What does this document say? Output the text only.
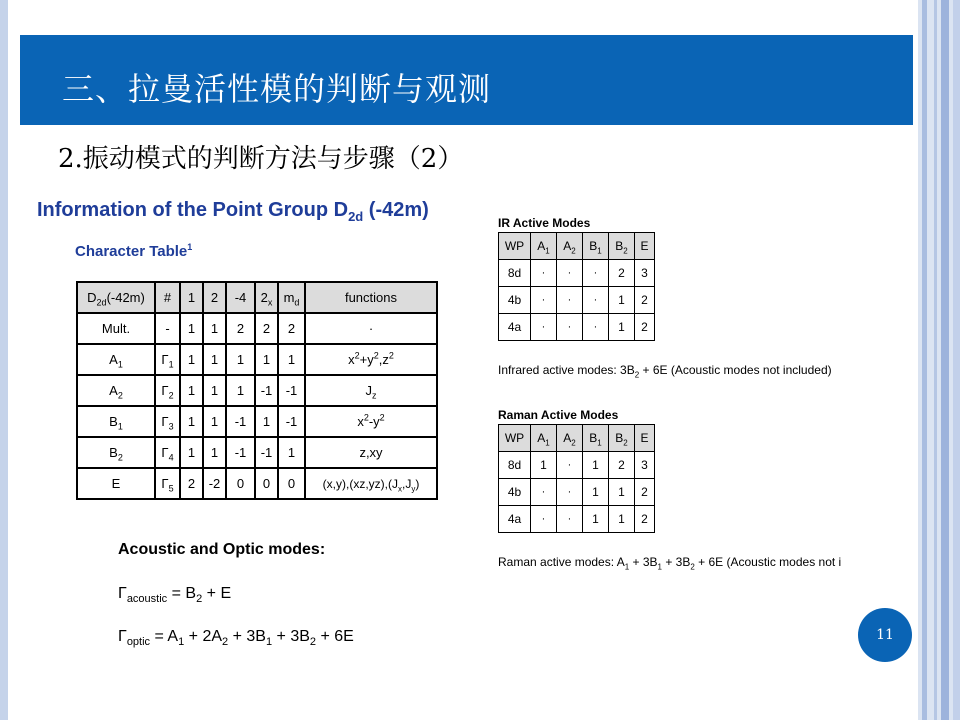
三、拉曼活性模的判断与观测
2.振动模式的判断方法与步骤（2）
Information of the Point Group $D_{2d}$ (-42m)
Character Table$^1$
$D_{2d}(-42m)$	#	1	2	-4	$2_x$	$m_d$	functions
Mult.	-	1	1	2	2	2	·
$A_1$	$\Gamma_1$	1	1	1	1	1	$x^2+y^2,z^2$
$A_2$	$\Gamma_2$	1	1	1	-1	-1	$J_z$
$B_1$	$\Gamma_3$	1	1	-1	1	-1	$x^2-y^2$
$B_2$	$\Gamma_4$	1	1	-1	-1	1	z,xy
E	$\Gamma_5$	2	-2	0	0	0	$(x,y),(xz,yz),(J_x,J_y)$
IR Active Modes
WP	$A_1$	$A_2$	$B_1$	$B_2$	E
8d	·	·	·	2	3
4b	·	·	·	1	2
4a	·	·	·	1	2
Infrared active modes: $3B_2 + 6E$ (Acoustic modes not included)
Raman Active Modes
WP	$A_1$	$A_2$	$B_1$	$B_2$	E
8d	1	·	1	2	3
4b	·	·	1	1	2
4a	·	·	1	1	2
Raman active modes: $A_1 + 3B_1 + 3B_2 + 6E$ (Acoustic modes not i
Acoustic and Optic modes:
$\Gamma_{acoustic} = B_2 + E$
$\Gamma_{optic} = A_1 + 2A_2 + 3B_1 + 3B_2 + 6E$	11
